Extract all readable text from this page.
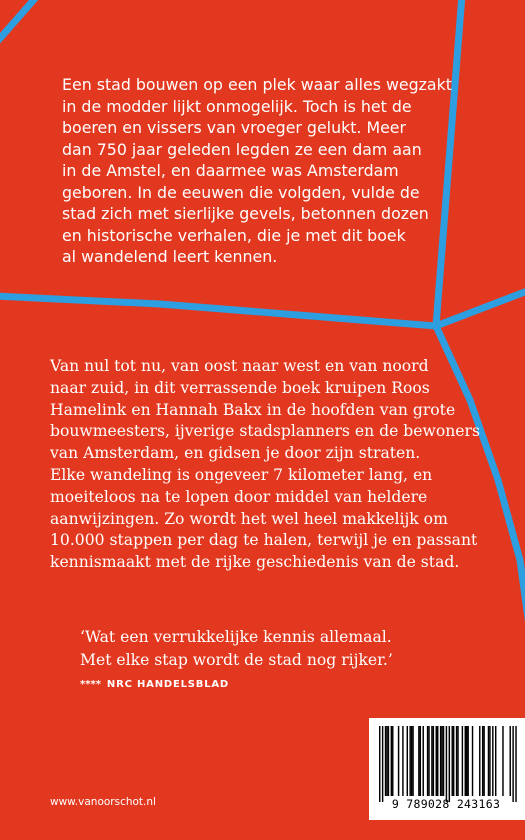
Een stad bouwen op een plek waar alles wegzakt
in de modder lijkt onmogelijk. Toch is het de
boeren en vissers van vroeger gelukt. Meer
dan 750 jaar geleden legden ze een dam aan
in de Amstel, en daarmee was Amsterdam
geboren. In de eeuwen die volgden, vulde de
stad zich met sierlijke gevels, betonnen dozen
en historische verhalen, die je met dit boek
al wandelend leert kennen.
Van nul tot nu, van oost naar west en van noord
naar zuid, in dit verrassende boek kruipen Roos
Hamelink en Hannah Bakx in de hoofden van grote
bouwmeesters, ijverige stadsplanners en de bewoners
van Amsterdam, en gidsen je door zijn straten.
Elke wandeling is ongeveer 7 kilometer lang, en
moeiteloos na te lopen door middel van heldere
aanwijzingen. Zo wordt het wel heel makkelijk om
10.000 stappen per dag te halen, terwijl je en passant
kennismaakt met de rijke geschiedenis van de stad.
‘Wat een verrukkelijke kennis allemaal.
Met elke stap wordt de stad nog rijker.’
**** NRC HANDELSBLAD
www.vanoorschot.nl	9 789028 243163
